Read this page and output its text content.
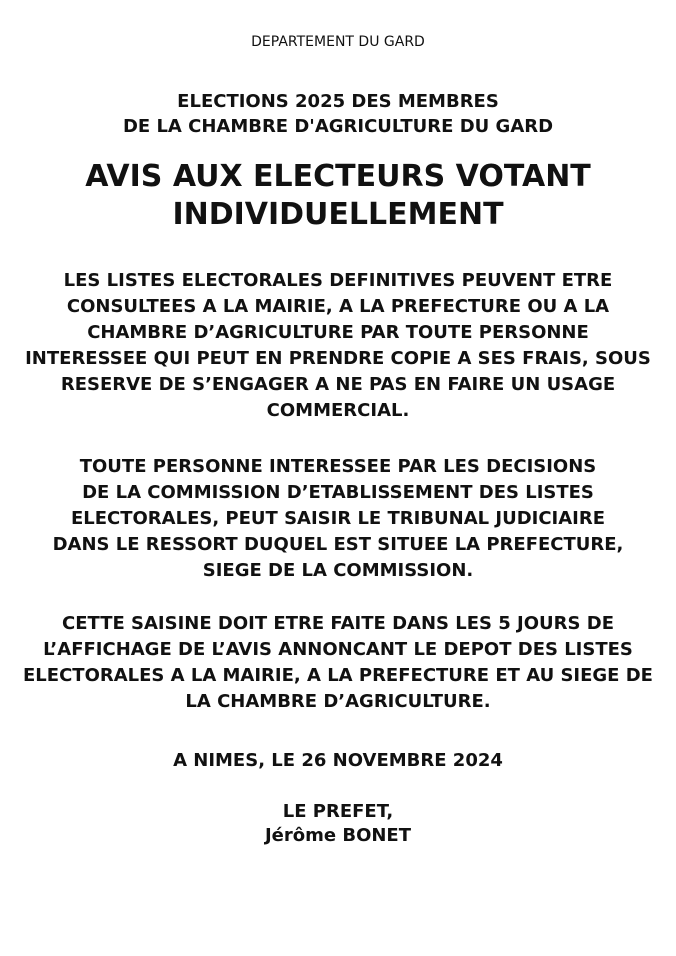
DEPARTEMENT DU GARD
ELECTIONS 2025 DES MEMBRES
DE LA CHAMBRE D'AGRICULTURE DU GARD
AVIS AUX ELECTEURS VOTANT
INDIVIDUELLEMENT
LES LISTES ELECTORALES DEFINITIVES PEUVENT ETRE
CONSULTEES A LA MAIRIE, A LA PREFECTURE OU A LA
CHAMBRE D’AGRICULTURE PAR TOUTE PERSONNE
INTERESSEE QUI PEUT EN PRENDRE COPIE A SES FRAIS, SOUS
RESERVE DE S’ENGAGER A NE PAS EN FAIRE UN USAGE
COMMERCIAL.
TOUTE PERSONNE INTERESSEE PAR LES DECISIONS
DE LA COMMISSION D’ETABLISSEMENT DES LISTES
ELECTORALES, PEUT SAISIR LE TRIBUNAL JUDICIAIRE
DANS LE RESSORT DUQUEL EST SITUEE LA PREFECTURE,
SIEGE DE LA COMMISSION.
CETTE SAISINE DOIT ETRE FAITE DANS LES 5 JOURS DE
L’AFFICHAGE DE L’AVIS ANNONCANT LE DEPOT DES LISTES
ELECTORALES A LA MAIRIE, A LA PREFECTURE ET AU SIEGE DE
LA CHAMBRE D’AGRICULTURE.
A NIMES, LE 26 NOVEMBRE 2024
LE PREFET,
Jérôme BONET
